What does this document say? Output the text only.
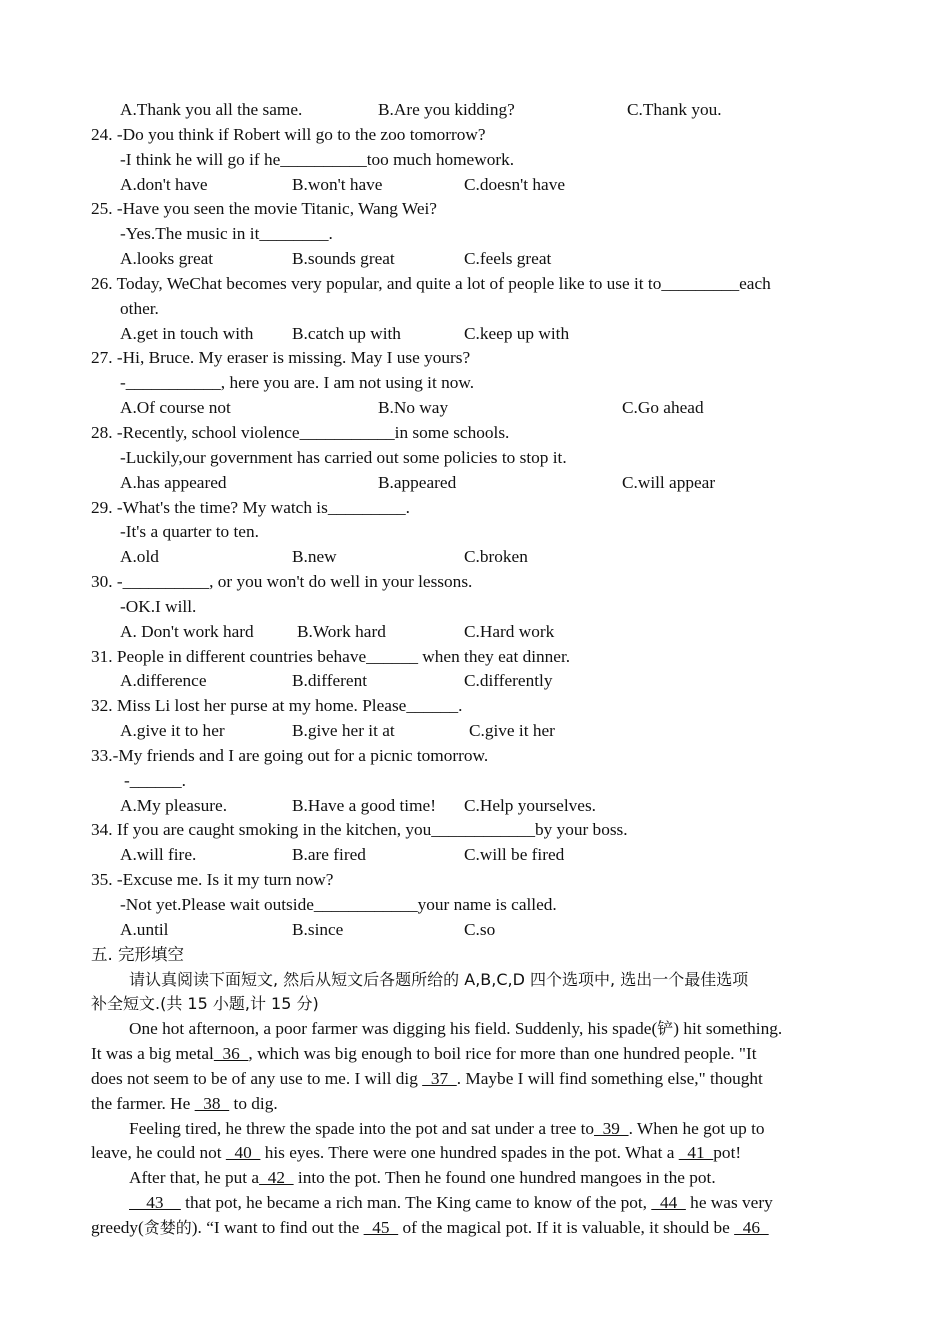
A.Thank you all the same.	B.Are you kidding?	C.Thank you.
24. -Do you think if Robert will go to the zoo tomorrow?
-I think he will go if he__________too much homework.
A.don't have	B.won't have	C.doesn't have
25. -Have you seen the movie Titanic, Wang Wei?
-Yes.The music in it________.
A.looks great	B.sounds great	C.feels great
26. Today, WeChat becomes very popular, and quite a lot of people like to use it to_________each
other.
A.get in touch with B.catch up with	C.keep up with
27. -Hi, Bruce. My eraser is missing. May I use yours?
-___________, here you are. I am not using it now.
A.Of course not	B.No way	C.Go ahead
28. -Recently, school violence___________in some schools.
-Luckily,our government has carried out some policies to stop it.
A.has appeared	B.appeared	C.will appear
29. -What's the time? My watch is_________.
-It's a quarter to ten.
A.old	B.new	C.broken
30. -__________, or you won't do well in your lessons.
-OK.I will.
A. Don't work hard	B.Work hard	C.Hard work
31. People in different countries behave______ when they eat dinner.
A.difference	B.different	C.differently
32. Miss Li lost her purse at my home. Please______.
A.give it to her	B.give her it at	C.give it her
33.-My friends and I are going out for a picnic tomorrow.
-______.
A.My pleasure.	B.Have a good time! C.Help yourselves.
34. If you are caught smoking in the kitchen, you____________by your boss.
A.will fire.	B.are fired	C.will be fired
35. -Excuse me. Is it my turn now?
-Not yet.Please wait outside____________your name is called.
A.until	B.since	C.so
五. 完形填空
请认真阅读下面短文, 然后从短文后各题所给的 A,B,C,D 四个选项中, 选出一个最佳选项
补全短文.(共 15 小题,计 15 分)
One hot afternoon, a poor farmer was digging his field. Suddenly, his spade(铲) hit something.
It was a big metal  36  , which was big enough to boil rice for more than one hundred people. "It
does not seem to be of any use to me. I will dig   37  . Maybe I will find something else," thought
the farmer. He   38   to dig.
Feeling tired, he threw the spade into the pot and sat under a tree to  39  . When he got up to
leave, he could not   40   his eyes. There were one hundred spades in the pot. What a   41  pot!
After that, he put a  42   into the pot. Then he found one hundred mangoes in the pot.
43     that pot, he became a rich man. The King came to know of the pot,   44   he was very
greedy(贪婪的). “I want to find out the   45   of the magical pot. If it is valuable, it should be   46
